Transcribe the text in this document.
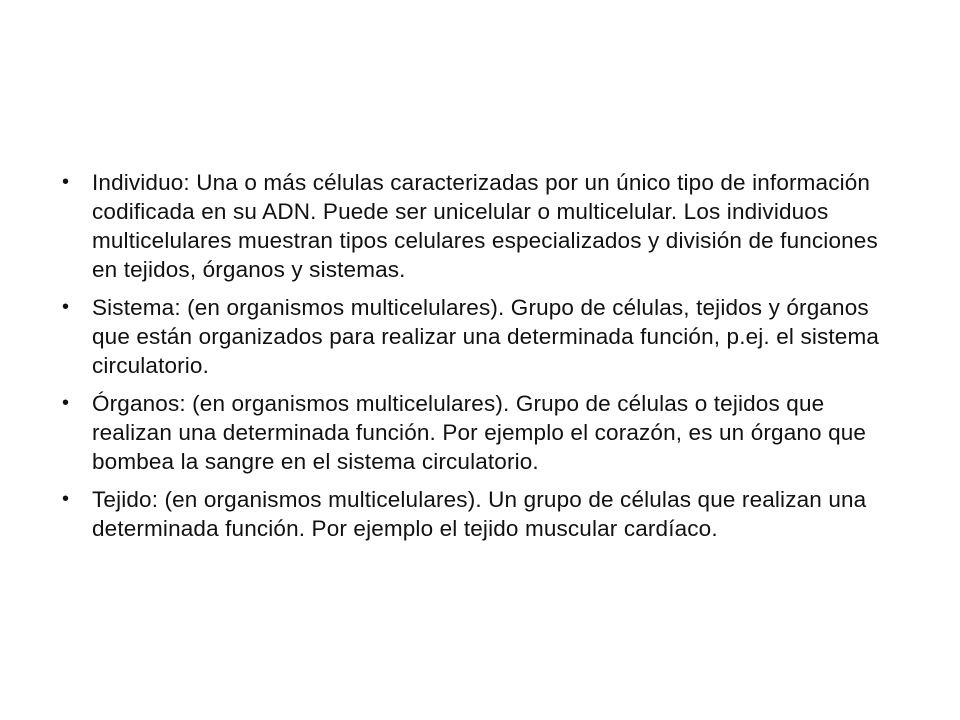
• Individuo: Una o más células caracterizadas por un único tipo de información codificada en su ADN. Puede ser unicelular o multicelular. Los individuos multicelulares muestran tipos celulares especializados y división de funciones en tejidos, órganos y sistemas.
• Sistema: (en organismos multicelulares). Grupo de células, tejidos y órganos que están organizados para realizar una determinada función, p.ej. el sistema circulatorio.
• Órganos: (en organismos multicelulares). Grupo de células o tejidos que realizan una determinada función. Por ejemplo el corazón, es un órgano que bombea la sangre en el sistema circulatorio.
• Tejido: (en organismos multicelulares). Un grupo de células que realizan una determinada función. Por ejemplo el tejido muscular cardíaco.
